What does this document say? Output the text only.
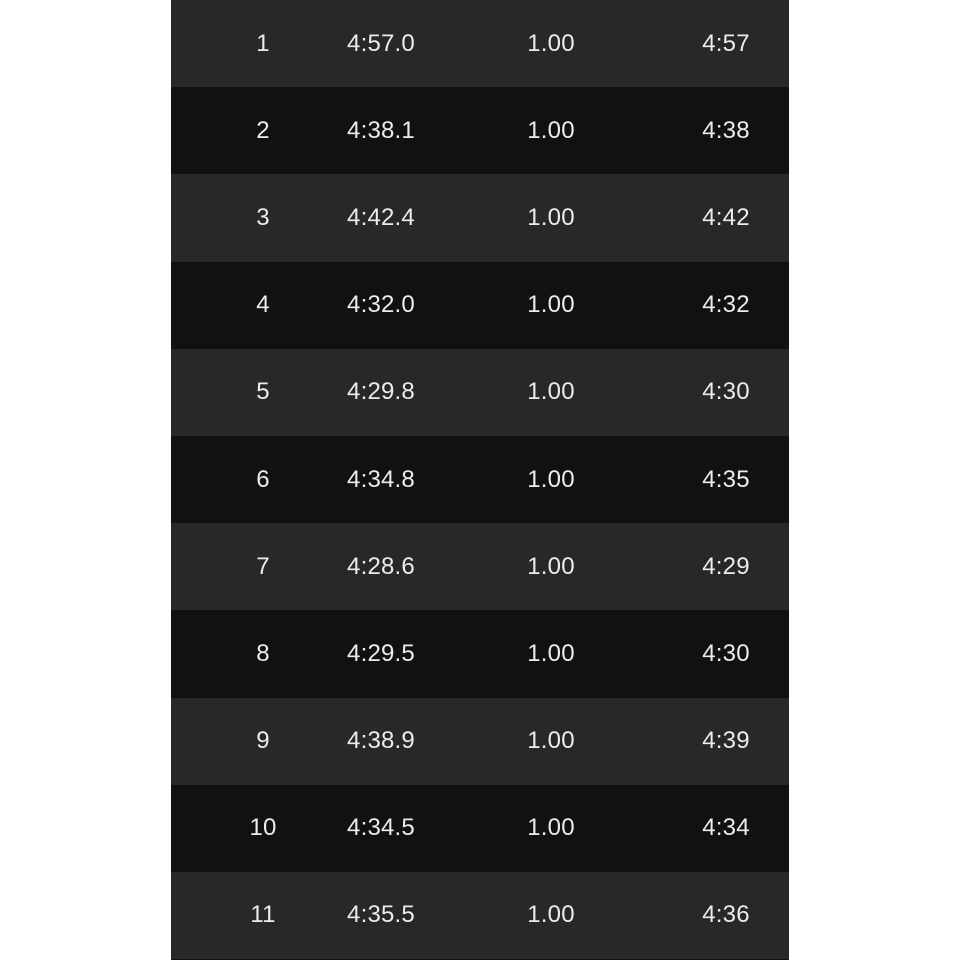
1	4:57.0	1.00	4:57
2	4:38.1	1.00	4:38
3	4:42.4	1.00	4:42
4	4:32.0	1.00	4:32
5	4:29.8	1.00	4:30
6	4:34.8	1.00	4:35
7	4:28.6	1.00	4:29
8	4:29.5	1.00	4:30
9	4:38.9	1.00	4:39
10	4:34.5	1.00	4:34
11	4:35.5	1.00	4:36
